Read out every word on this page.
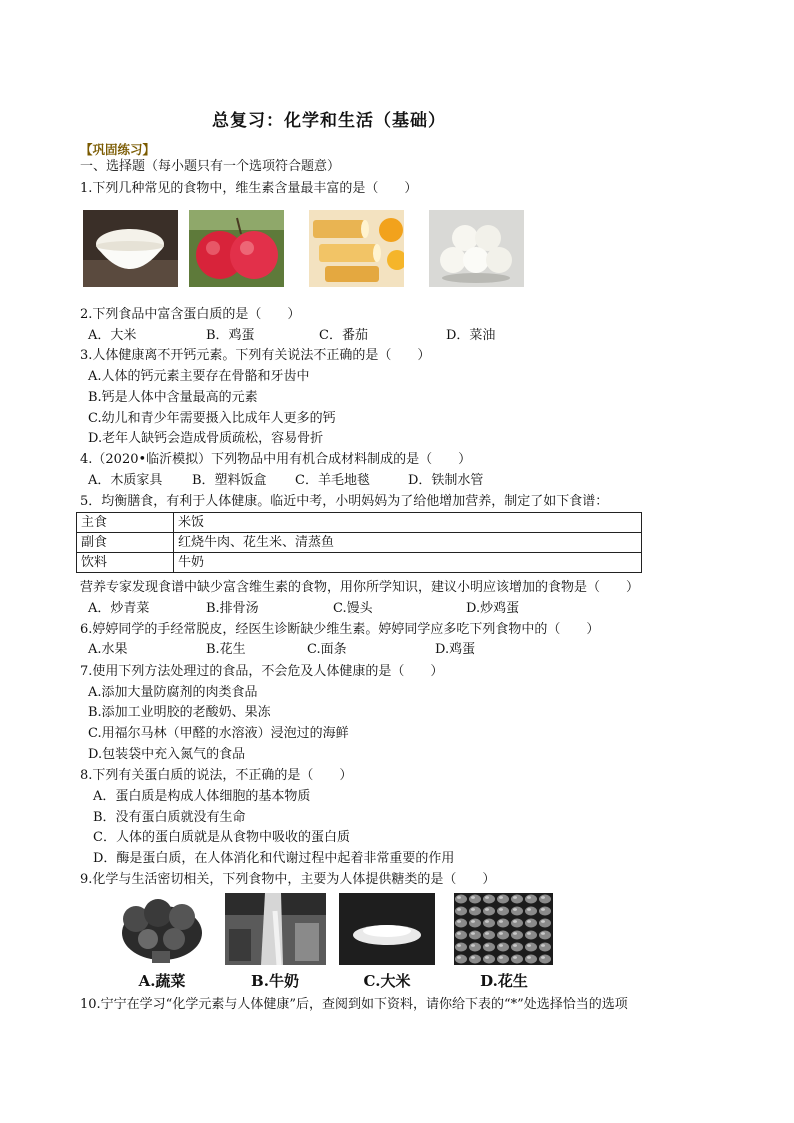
总复习：化学和生活（基础）
【巩固练习】
一、选择题（每小题只有一个选项符合题意）
1.下列几种常见的食物中，维生素含量最丰富的是（　　）
2.下列食品中富含蛋白质的是（　　）
A．大米	B．鸡蛋	C．番茄	D．菜油
3.人体健康离不开钙元素。下列有关说法不正确的是（　　）
A.人体的钙元素主要存在骨骼和牙齿中
B.钙是人体中含量最高的元素
C.幼儿和青少年需要摄入比成年人更多的钙
D.老年人缺钙会造成骨质疏松，容易骨折
4.（2020•临沂模拟）下列物品中用有机合成材料制成的是（　　）
A．木质家具 B．塑料饭盒 C．羊毛地毯	D．铁制水管
5．均衡膳食，有利于人体健康。临近中考，小明妈妈为了给他增加营养，制定了如下食谱：
主食	米饭
副食	红烧牛肉、花生米、清蒸鱼
饮料	牛奶
营养专家发现食谱中缺少富含维生素的食物，用你所学知识，建议小明应该增加的食物是（　　）
A．炒青菜	B.排骨汤	C.馒头	D.炒鸡蛋
6.婷婷同学的手经常脱皮，经医生诊断缺少维生素。婷婷同学应多吃下列食物中的（　　）
A.水果	B.花生	C.面条	D.鸡蛋
7.使用下列方法处理过的食品，不会危及人体健康的是（　　）
A.添加大量防腐剂的肉类食品
B.添加工业明胶的老酸奶、果冻
C.用福尔马林（甲醛的水溶液）浸泡过的海鲜
D.包装袋中充入氮气的食品
8.下列有关蛋白质的说法，不正确的是（　　）
A．蛋白质是构成人体细胞的基本物质
B．没有蛋白质就没有生命
C．人体的蛋白质就是从食物中吸收的蛋白质
D．酶是蛋白质，在人体消化和代谢过程中起着非常重要的作用
9.化学与生活密切相关，下列食物中，主要为人体提供糖类的是（　　）
A.蔬菜	B.牛奶	C.大米	D.花生
10.宁宁在学习“化学元素与人体健康”后，查阅到如下资料，请你给下表的“*”处选择恰当的选项
